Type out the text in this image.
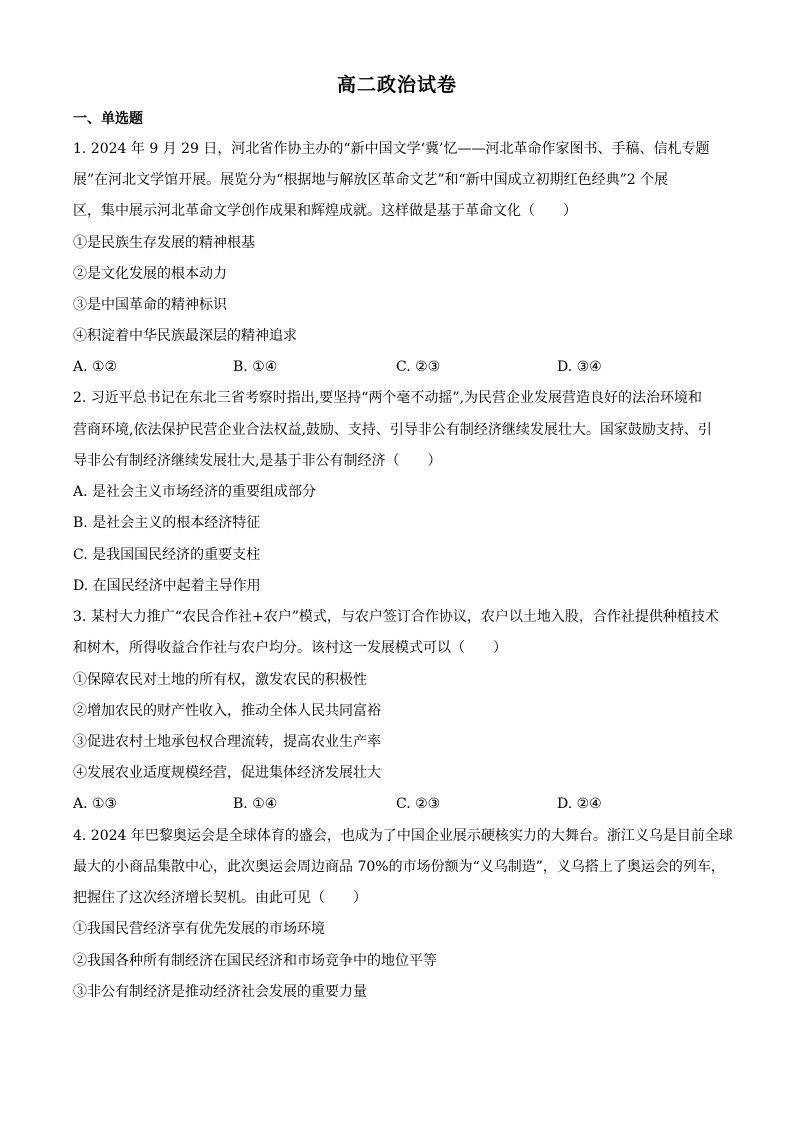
高二政治试卷
一、单选题
1. 2024 年 9 月 29 日，河北省作协主办的“新中国文学‘冀’忆——河北革命作家图书、手稿、信札专题
展”在河北文学馆开展。展览分为“根据地与解放区革命文艺”和“新中国成立初期红色经典”2 个展
区，集中展示河北革命文学创作成果和辉煌成就。这样做是基于革命文化（　　）
①是民族生存发展的精神根基
②是文化发展的根本动力
③是中国革命的精神标识
④积淀着中华民族最深层的精神追求
A. ①②	B. ①④	C. ②③	D. ③④
2. 习近平总书记在东北三省考察时指出,要坚持“两个毫不动摇”,为民营企业发展营造良好的法治环境和
营商环境,依法保护民营企业合法权益,鼓励、支持、引导非公有制经济继续发展壮大。国家鼓励支持、引
导非公有制经济继续发展壮大,是基于非公有制经济（　　）
A. 是社会主义市场经济的重要组成部分
B. 是社会主义的根本经济特征
C. 是我国国民经济的重要支柱
D. 在国民经济中起着主导作用
3. 某村大力推广“农民合作社+农户”模式，与农户签订合作协议，农户以土地入股，合作社提供种植技术
和树木，所得收益合作社与农户均分。该村这一发展模式可以（　　）
①保障农民对土地的所有权，激发农民的积极性
②增加农民的财产性收入，推动全体人民共同富裕
③促进农村土地承包权合理流转，提高农业生产率
④发展农业适度规模经营，促进集体经济发展壮大
A. ①③	B. ①④	C. ②③	D. ②④
4. 2024 年巴黎奥运会是全球体育的盛会，也成为了中国企业展示硬核实力的大舞台。浙江义乌是目前全球
最大的小商品集散中心，此次奥运会周边商品 70%的市场份额为“义乌制造”，义乌搭上了奥运会的列车，
把握住了这次经济增长契机。由此可见（　　）
①我国民营经济享有优先发展的市场环境
②我国各种所有制经济在国民经济和市场竞争中的地位平等
③非公有制经济是推动经济社会发展的重要力量
